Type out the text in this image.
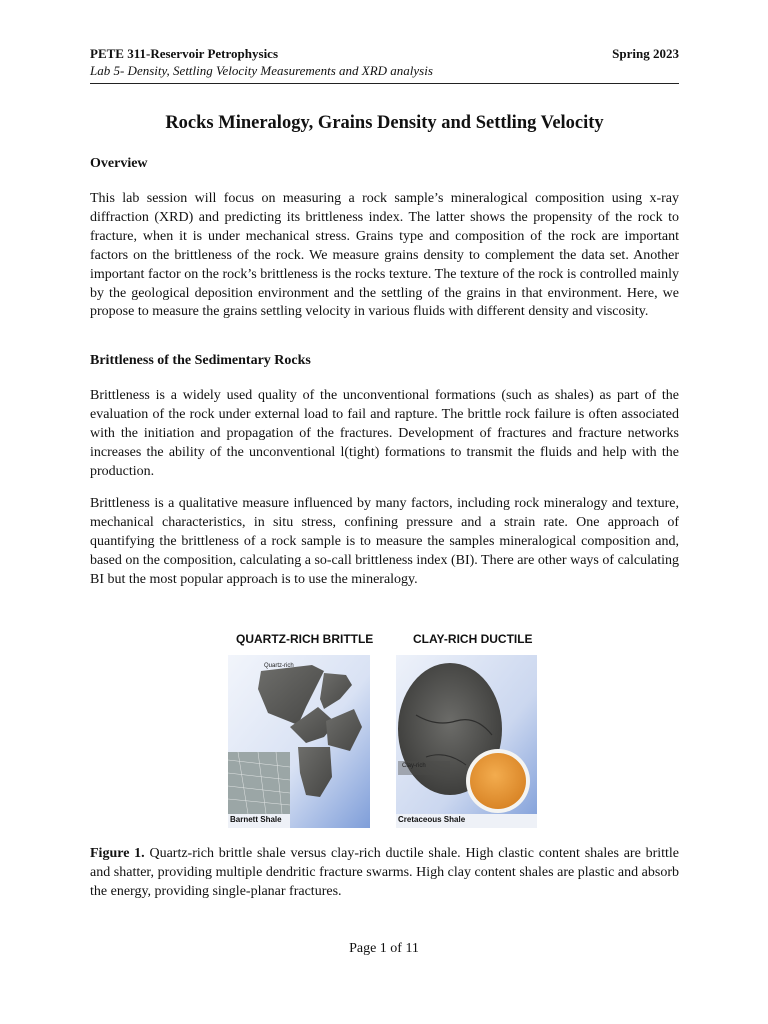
PETE 311-Reservoir Petrophysics	Spring 2023
Lab 5- Density, Settling Velocity Measurements and XRD analysis
Rocks Mineralogy, Grains Density and Settling Velocity
Overview

This lab session will focus on measuring a rock sample’s mineralogical composition using x-ray diffraction (XRD) and predicting its brittleness index. The latter shows the propensity of the rock to fracture, when it is under mechanical stress. Grains type and composition of the rock are important factors on the brittleness of the rock. We measure grains density to complement the data set. Another important factor on the rock’s brittleness is the rocks texture. The texture of the rock is controlled mainly by the geological deposition environment and the settling of the grains in that environment. Here, we propose to measure the grains settling velocity in various fluids with different density and viscosity.

Brittleness of the Sedimentary Rocks

Brittleness is a widely used quality of the unconventional formations (such as shales) as part of the evaluation of the rock under external load to fail and rapture. The brittle rock failure is often associated with the initiation and propagation of the fractures. Development of fractures and fracture networks increases the ability of the unconventional l(tight) formations to transmit the fluids and help with the production.

Brittleness is a qualitative measure influenced by many factors, including rock mineralogy and texture, mechanical characteristics, in situ stress, confining pressure and a strain rate. One approach of quantifying the brittleness of a rock sample is to measure the samples mineralogical composition and, based on the composition, calculating a so-call brittleness index (BI). There are other ways of calculating BI but the most popular approach is to use the mineralogy.

QUARTZ-RICH BRITTLE	CLAY-RICH DUCTILE
Quartz-rich
Barnett Shale
Clay-rich
Cretaceous Shale

Figure 1. Quartz-rich brittle shale versus clay-rich ductile shale. High clastic content shales are brittle and shatter, providing multiple dendritic fracture swarms. High clay content shales are plastic and absorb the energy, providing single-planar fractures.

Page 1 of 11
